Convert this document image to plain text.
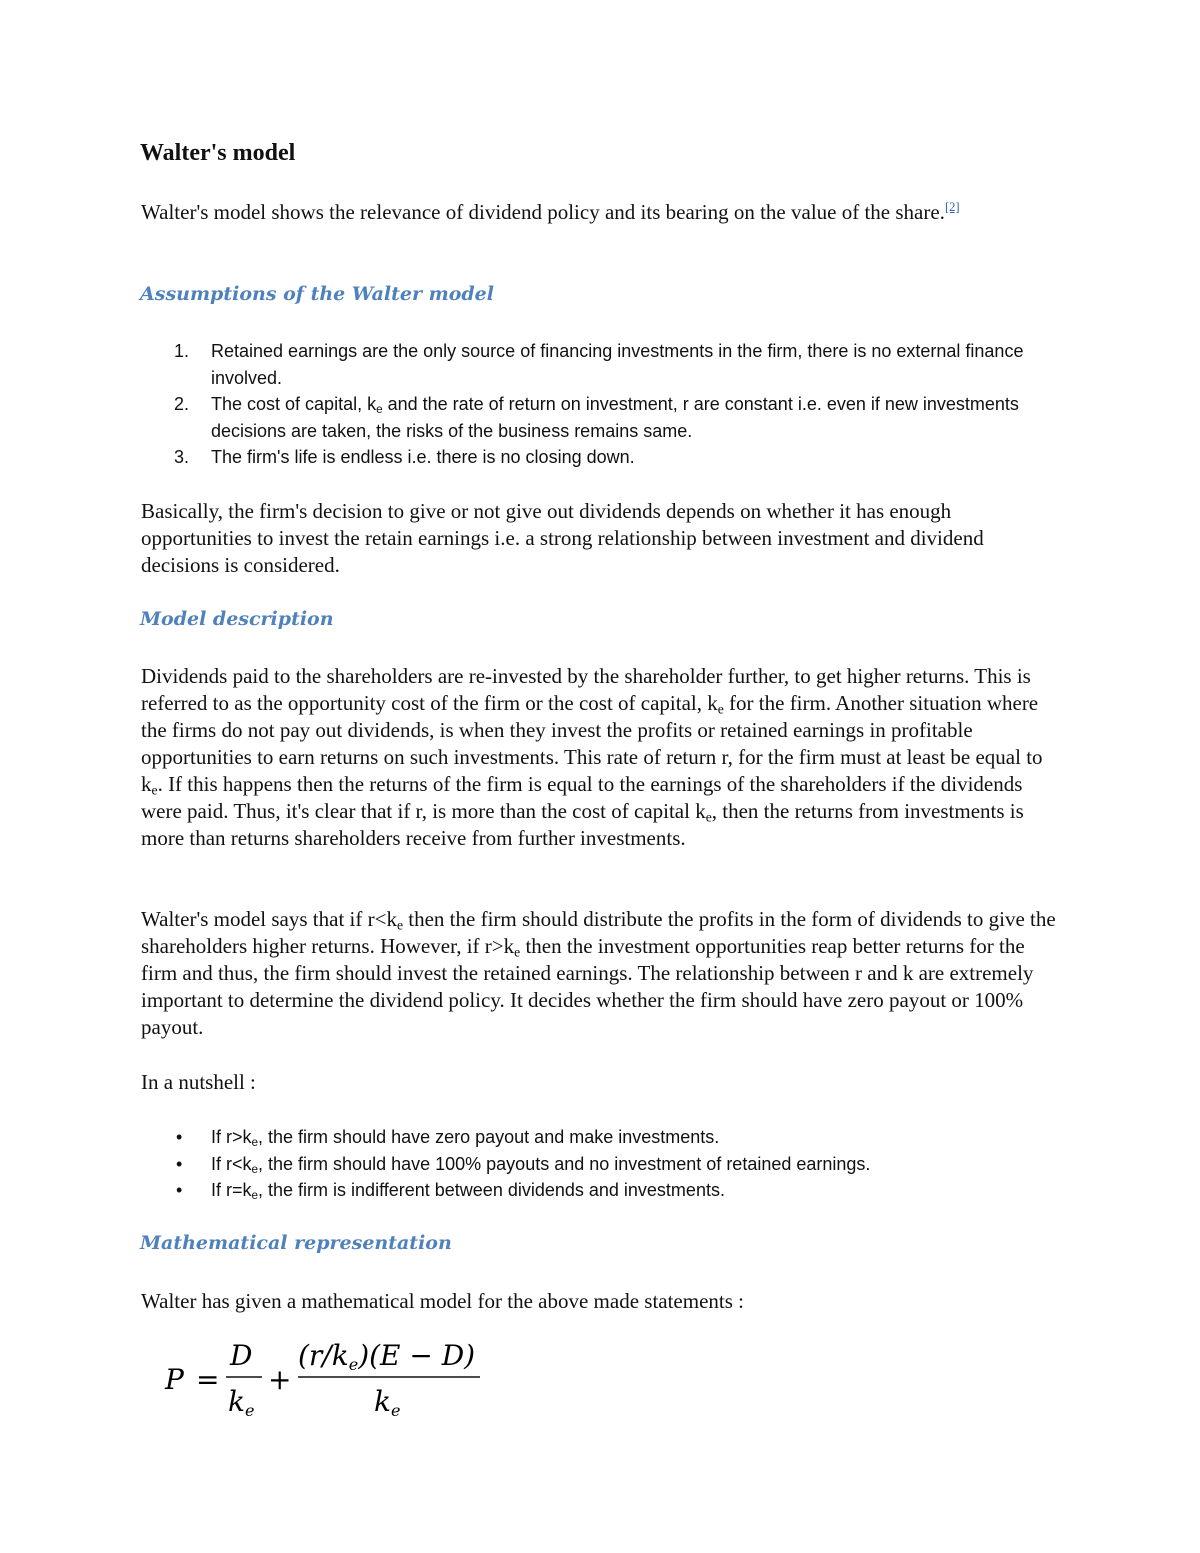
Walter's model
Walter's model shows the relevance of dividend policy and its bearing on the value of the share.[2]
Assumptions of the Walter model
1. Retained earnings are the only source of financing investments in the firm, there is no external finance involved.
2. The cost of capital, $k_e$ and the rate of return on investment, r are constant i.e. even if new investments decisions are taken, the risks of the business remains same.
3. The firm's life is endless i.e. there is no closing down.
Basically, the firm's decision to give or not give out dividends depends on whether it has enough opportunities to invest the retain earnings i.e. a strong relationship between investment and dividend decisions is considered.
Model description
Dividends paid to the shareholders are re-invested by the shareholder further, to get higher returns. This is referred to as the opportunity cost of the firm or the cost of capital, $k_e$ for the firm. Another situation where the firms do not pay out dividends, is when they invest the profits or retained earnings in profitable opportunities to earn returns on such investments. This rate of return r, for the firm must at least be equal to $k_e$. If this happens then the returns of the firm is equal to the earnings of the shareholders if the dividends were paid. Thus, it's clear that if r, is more than the cost of capital $k_e$, then the returns from investments is more than returns shareholders receive from further investments.
Walter's model says that if $r<k_e$ then the firm should distribute the profits in the form of dividends to give the shareholders higher returns. However, if $r>k_e$ then the investment opportunities reap better returns for the firm and thus, the firm should invest the retained earnings. The relationship between r and k are extremely important to determine the dividend policy. It decides whether the firm should have zero payout or 100% payout.
In a nutshell :
• If $r>k_e$, the firm should have zero payout and make investments.
• If $r<k_e$, the firm should have 100% payouts and no investment of retained earnings.
• If $r=k_e$, the firm is indifferent between dividends and investments.
Mathematical representation
Walter has given a mathematical model for the above made statements :
P =
D
ke
+
(r/ke)(E − D)
ke
